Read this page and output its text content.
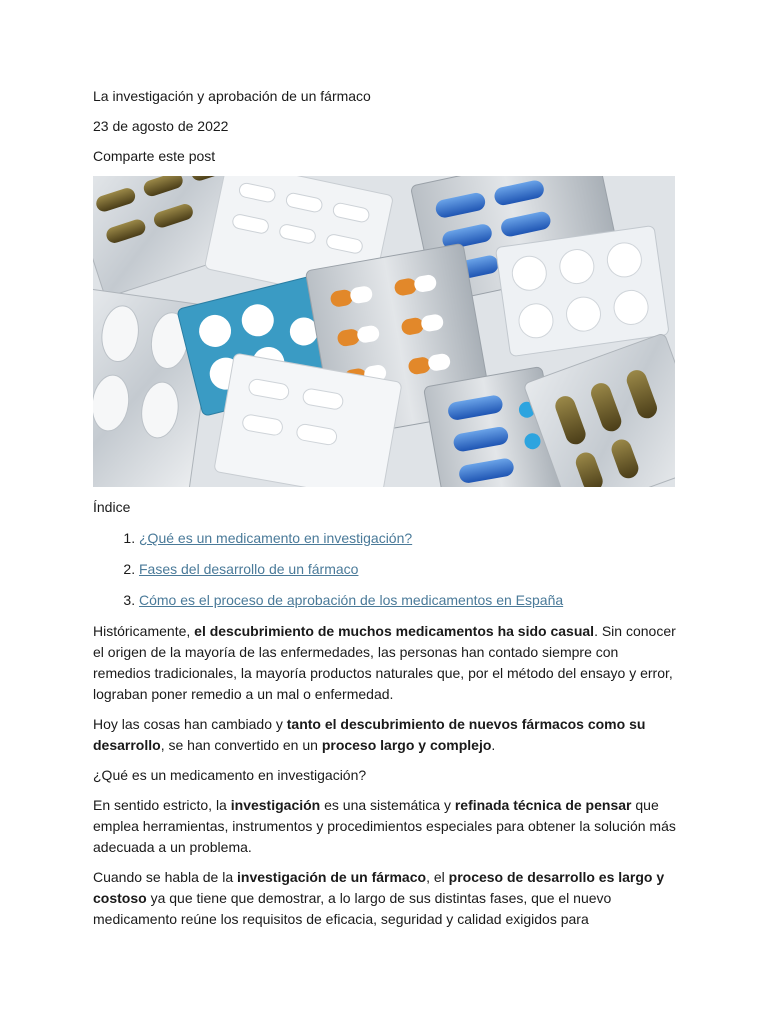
La investigación y aprobación de un fármaco

23 de agosto de 2022

Comparte este post

Índice

1. ¿Qué es un medicamento en investigación?
2. Fases del desarrollo de un fármaco
3. Cómo es el proceso de aprobación de los medicamentos en España

Históricamente, el descubrimiento de muchos medicamentos ha sido casual. Sin conocer el origen de la mayoría de las enfermedades, las personas han contado siempre con remedios tradicionales, la mayoría productos naturales que, por el método del ensayo y error, lograban poner remedio a un mal o enfermedad.

Hoy las cosas han cambiado y tanto el descubrimiento de nuevos fármacos como su desarrollo, se han convertido en un proceso largo y complejo.

¿Qué es un medicamento en investigación?

En sentido estricto, la investigación es una sistemática y refinada técnica de pensar que emplea herramientas, instrumentos y procedimientos especiales para obtener la solución más adecuada a un problema.

Cuando se habla de la investigación de un fármaco, el proceso de desarrollo es largo y costoso ya que tiene que demostrar, a lo largo de sus distintas fases, que el nuevo medicamento reúne los requisitos de eficacia, seguridad y calidad exigidos para
